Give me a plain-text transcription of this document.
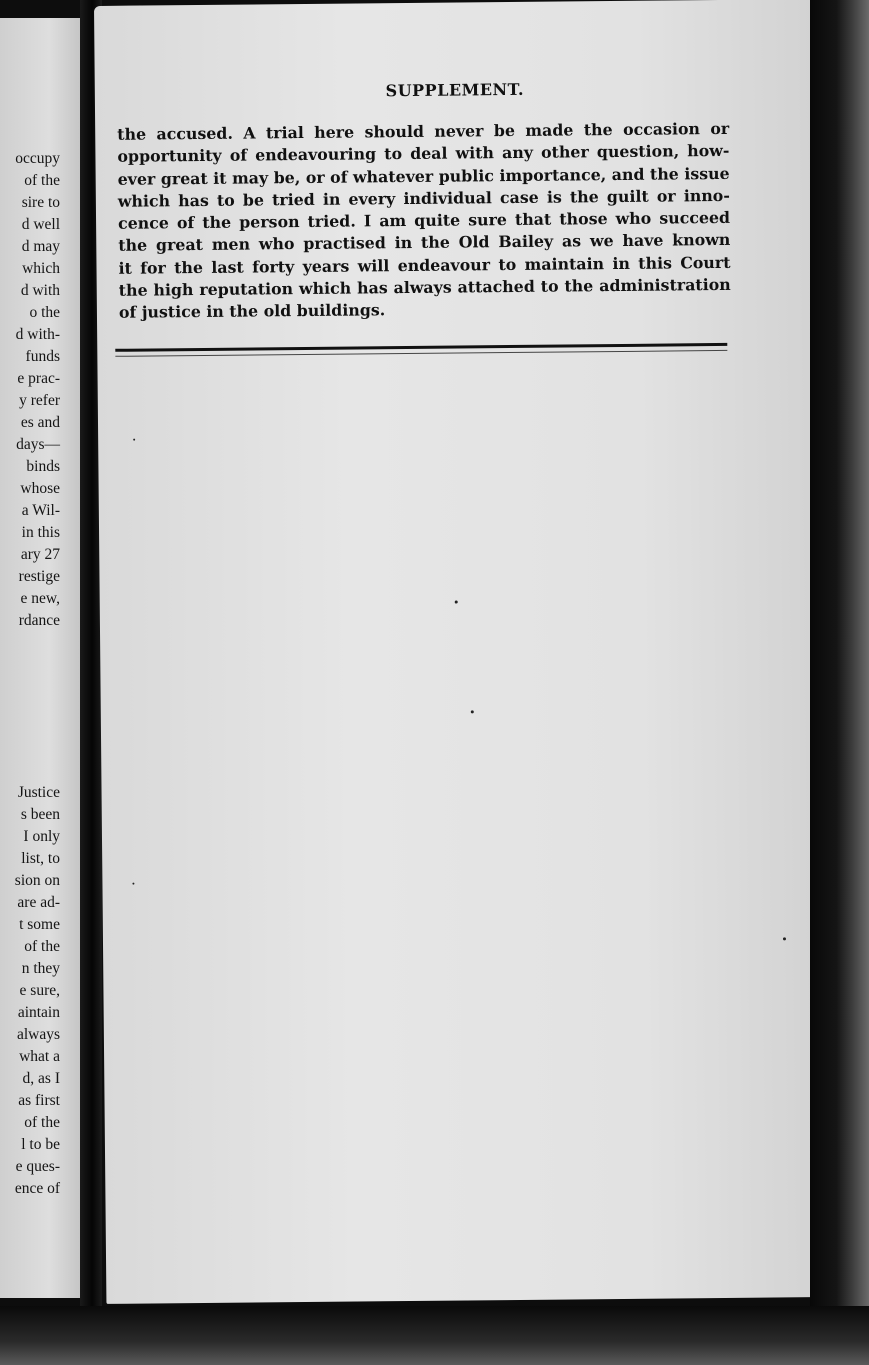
occupy
of the
sire to
d well
d may
which
d with
o the
d with-
funds
e prac-
y refer
es and
days—
binds
whose
a Wil-
in this
ary 27
restige
e new,
rdance
Justice
s been
I only
list, to
sion on
are ad-
t some
of the
n they
e sure,
aintain
always
what a
d, as I
as first
of the
l to be
e ques-
ence of
SUPPLEMENT.
the accused. A trial here should never be made the occasion or
opportunity of endeavouring to deal with any other question, how-
ever great it may be, or of whatever public importance, and the issue
which has to be tried in every individual case is the guilt or inno-
cence of the person tried. I am quite sure that those who succeed
the great men who practised in the Old Bailey as we have known
it for the last forty years will endeavour to maintain in this Court
the high reputation which has always attached to the administration
of justice in the old buildings.
